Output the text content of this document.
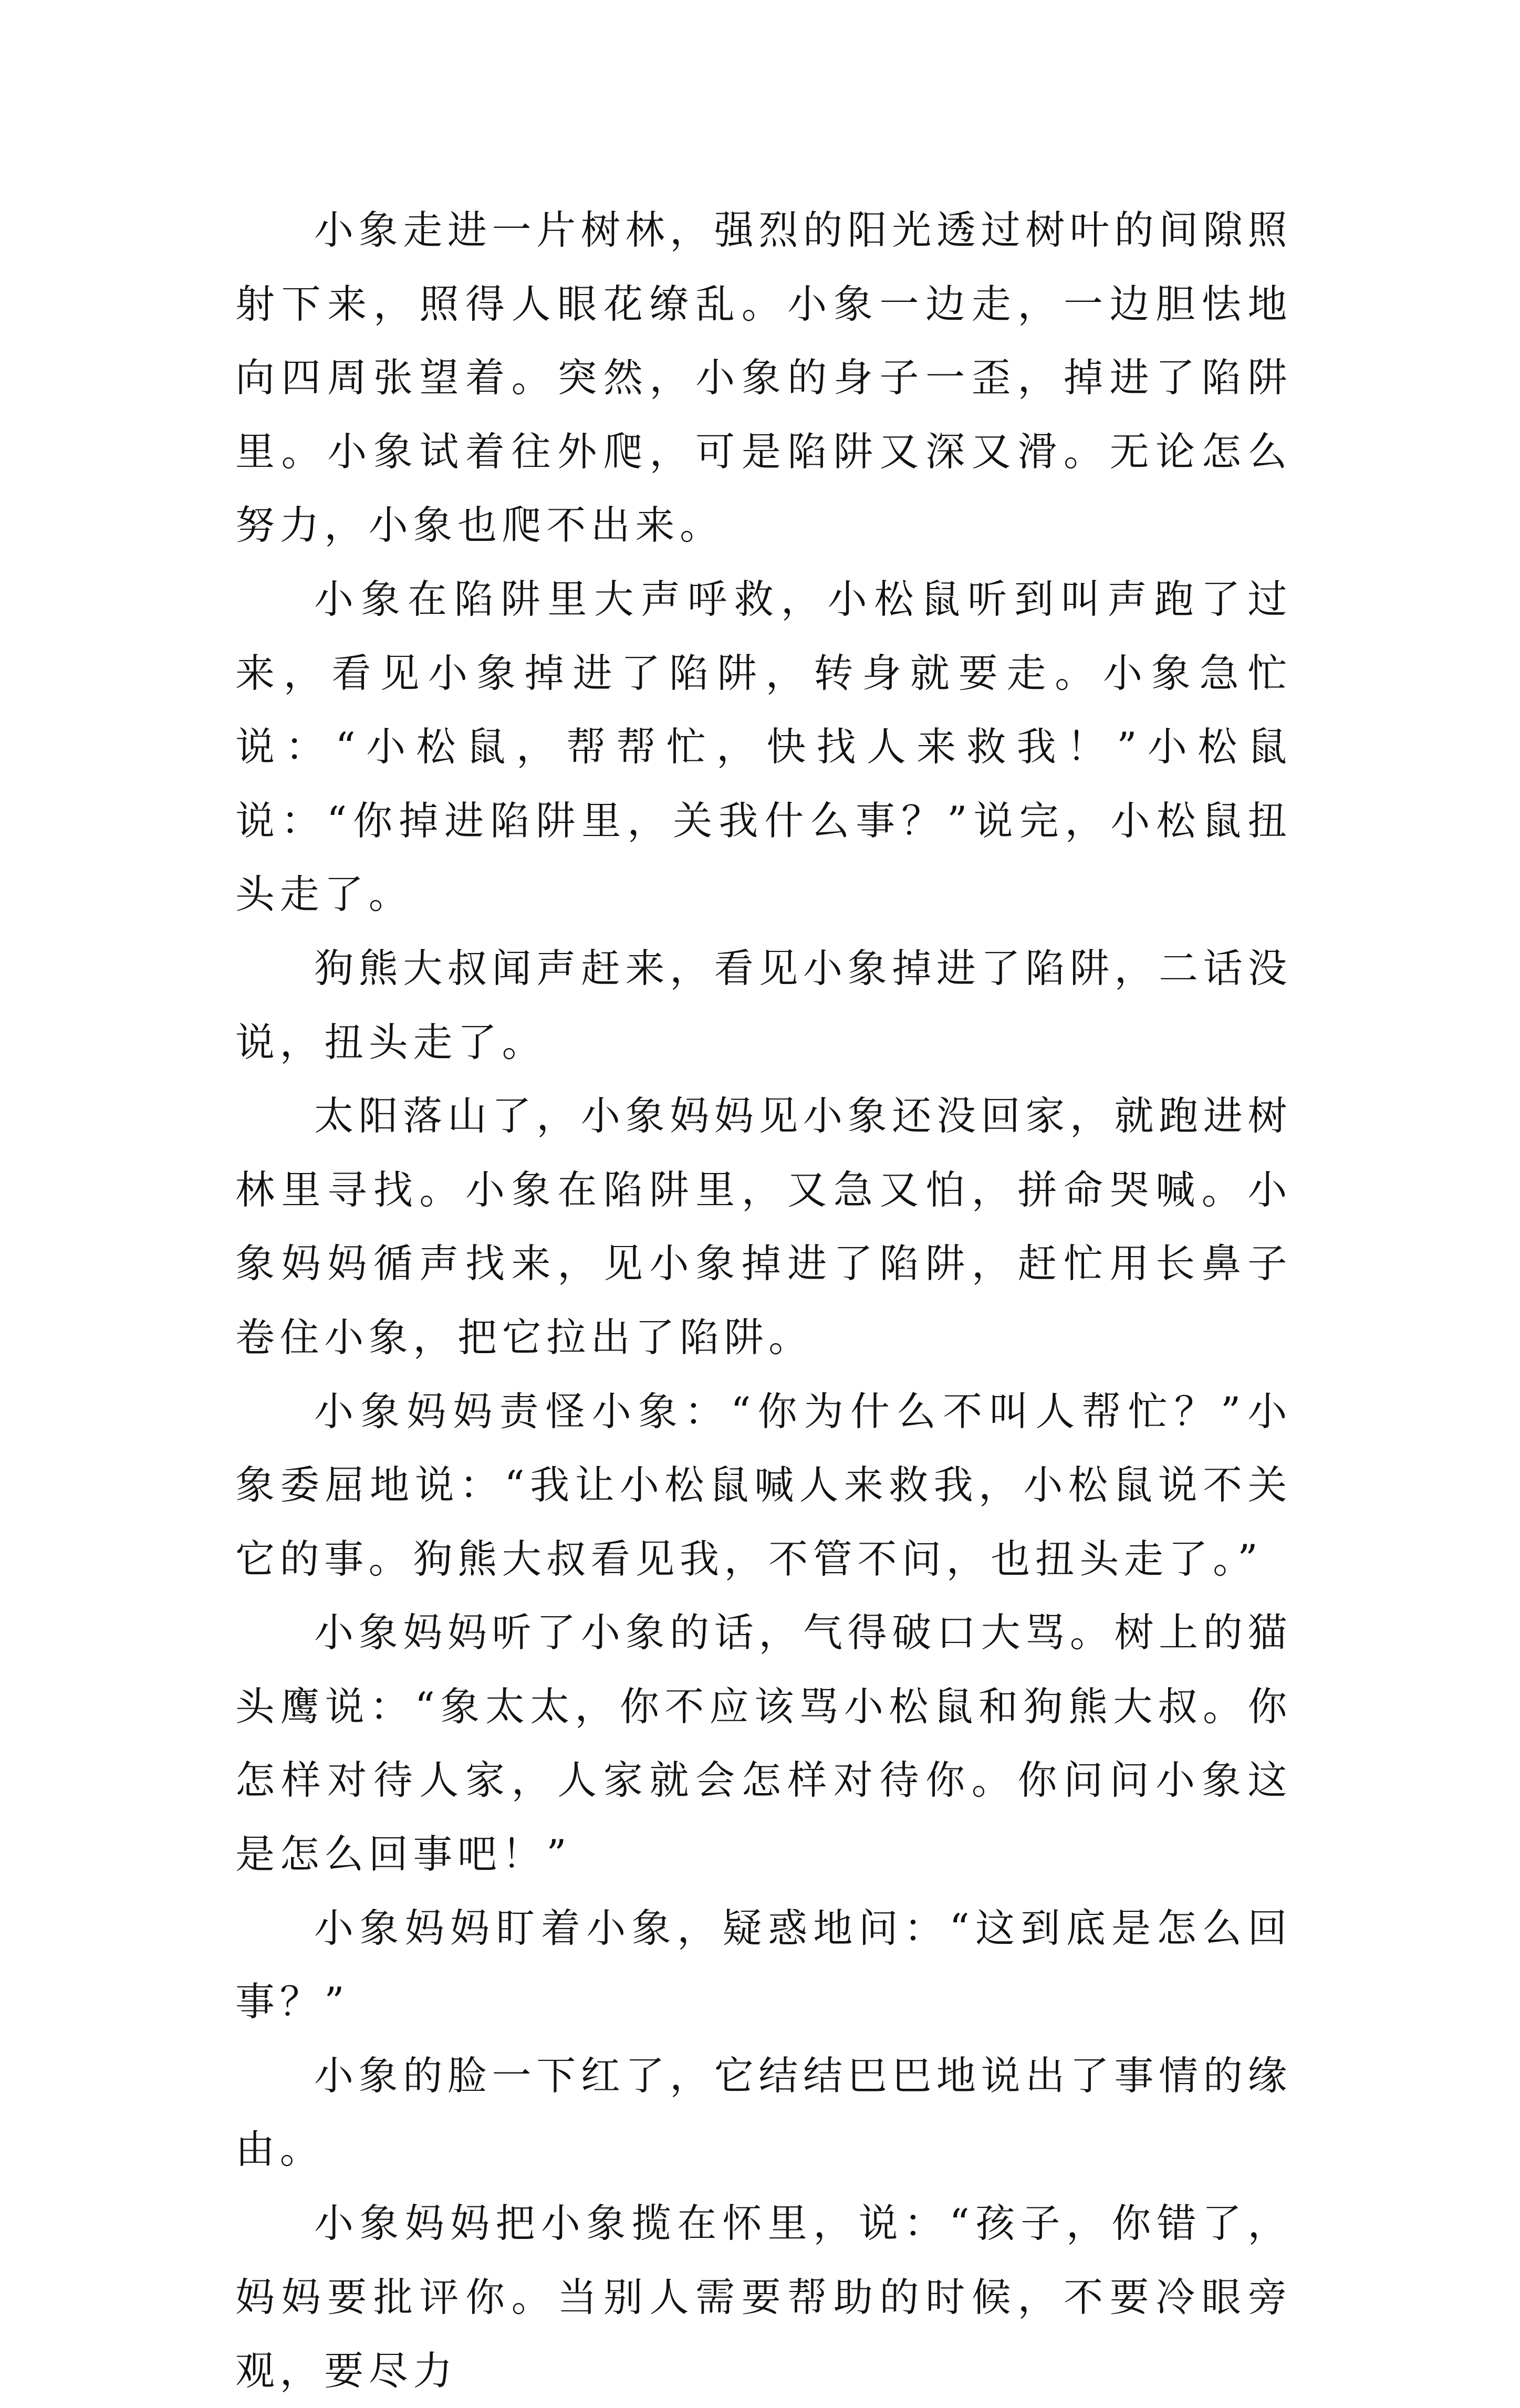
小象走进一片树林，强烈的阳光透过树叶的间隙照射下来，照得人眼花缭乱。小象一边走，一边胆怯地向四周张望着。突然，小象的身子一歪，掉进了陷阱里。小象试着往外爬，可是陷阱又深又滑。无论怎么努力，小象也爬不出来。

小象在陷阱里大声呼救，小松鼠听到叫声跑了过来，看见小象掉进了陷阱，转身就要走。小象急忙说：“小松鼠，帮帮忙，快找人来救我！”小松鼠说：“你掉进陷阱里，关我什么事？”说完，小松鼠扭头走了。

狗熊大叔闻声赶来，看见小象掉进了陷阱，二话没说，扭头走了。

太阳落山了，小象妈妈见小象还没回家，就跑进树林里寻找。小象在陷阱里，又急又怕，拼命哭喊。小象妈妈循声找来，见小象掉进了陷阱，赶忙用长鼻子卷住小象，把它拉出了陷阱。

小象妈妈责怪小象：“你为什么不叫人帮忙？”小象委屈地说：“我让小松鼠喊人来救我，小松鼠说不关它的事。狗熊大叔看见我，不管不问，也扭头走了。”

小象妈妈听了小象的话，气得破口大骂。树上的猫头鹰说：“象太太，你不应该骂小松鼠和狗熊大叔。你怎样对待人家，人家就会怎样对待你。你问问小象这是怎么回事吧！”

小象妈妈盯着小象，疑惑地问：“这到底是怎么回事？”

小象的脸一下红了，它结结巴巴地说出了事情的缘由。

小象妈妈把小象揽在怀里，说：“孩子，你错了，妈妈要批评你。当别人需要帮助的时候，不要冷眼旁观，要尽力
